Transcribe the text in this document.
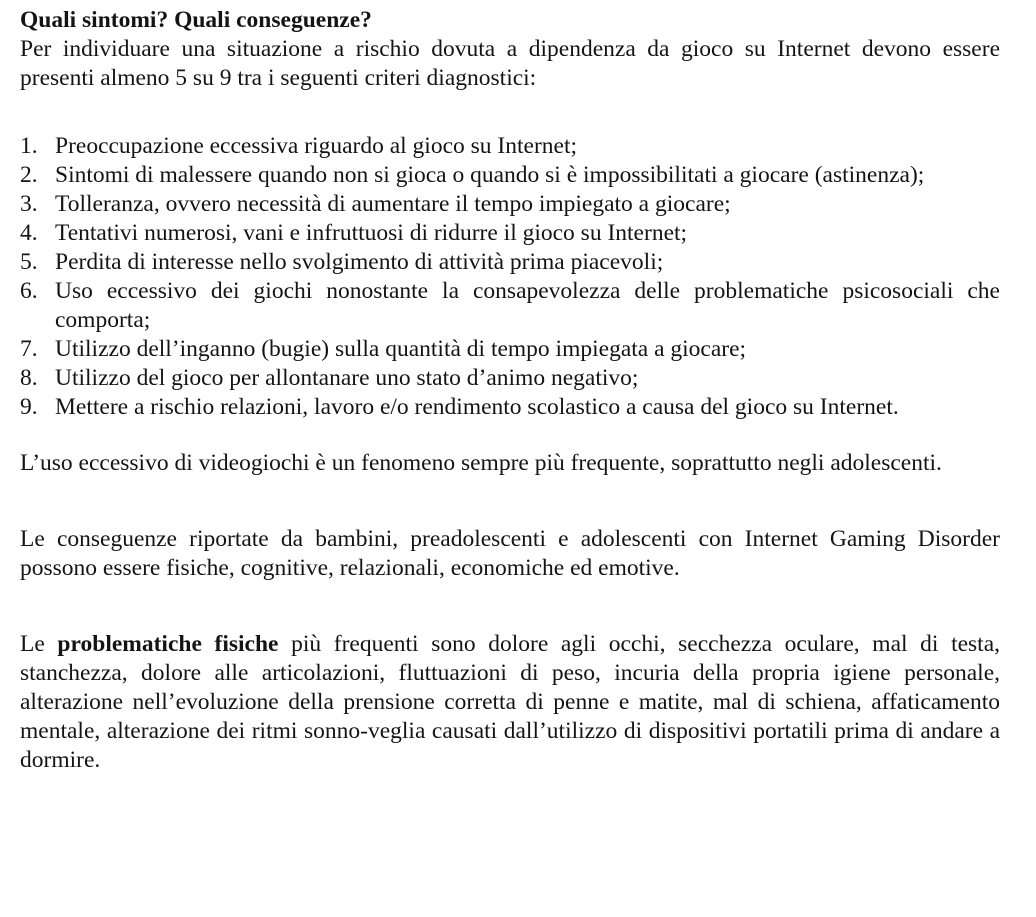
Quali sintomi? Quali conseguenze?

Per individuare una situazione a rischio dovuta a dipendenza da gioco su Internet devono essere presenti almeno 5 su 9 tra i seguenti criteri diagnostici:

1. Preoccupazione eccessiva riguardo al gioco su Internet;
2. Sintomi di malessere quando non si gioca o quando si è impossibilitati a giocare (astinenza);
3. Tolleranza, ovvero necessità di aumentare il tempo impiegato a giocare;
4. Tentativi numerosi, vani e infruttuosi di ridurre il gioco su Internet;
5. Perdita di interesse nello svolgimento di attività prima piacevoli;
6. Uso eccessivo dei giochi nonostante la consapevolezza delle problematiche psicosociali che comporta;
7. Utilizzo dell’inganno (bugie) sulla quantità di tempo impiegata a giocare;
8. Utilizzo del gioco per allontanare uno stato d’animo negativo;
9. Mettere a rischio relazioni, lavoro e/o rendimento scolastico a causa del gioco su Internet.

L’uso eccessivo di videogiochi è un fenomeno sempre più frequente, soprattutto negli adolescenti.

Le conseguenze riportate da bambini, preadolescenti e adolescenti con Internet Gaming Disorder possono essere fisiche, cognitive, relazionali, economiche ed emotive.

Le problematiche fisiche più frequenti sono dolore agli occhi, secchezza oculare, mal di testa, stanchezza, dolore alle articolazioni, fluttuazioni di peso, incuria della propria igiene personale, alterazione nell’evoluzione della prensione corretta di penne e matite, mal di schiena, affaticamento mentale, alterazione dei ritmi sonno-veglia causati dall’utilizzo di dispositivi portatili prima di andare a dormire.
